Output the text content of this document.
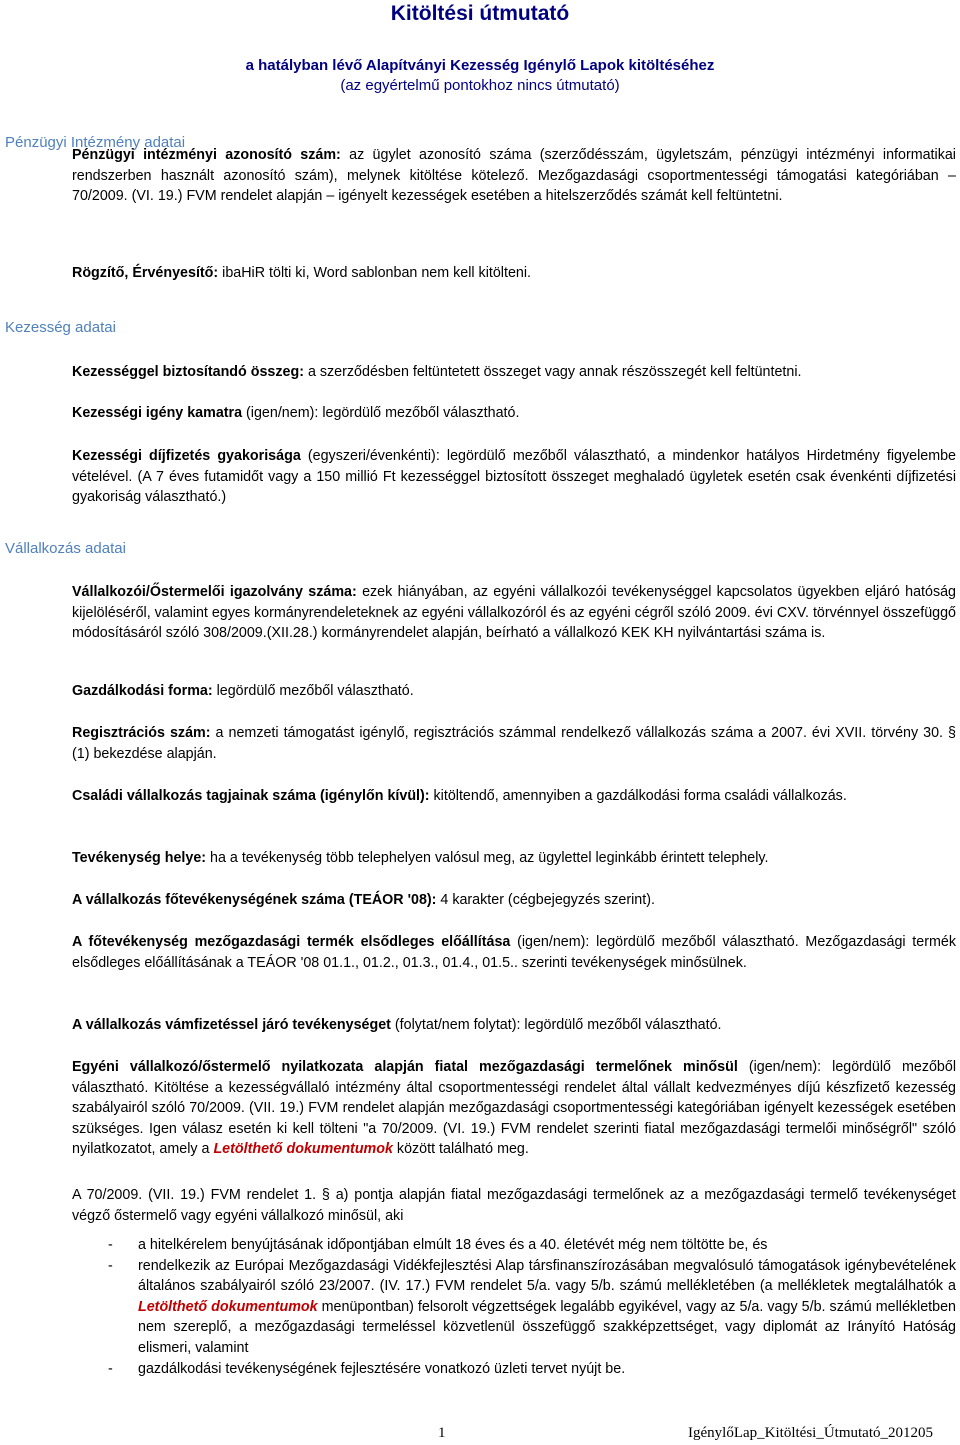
Kitöltési útmutató
a hatályban lévő Alapítványi Kezesség Igénylő Lapok kitöltéséhez
(az egyértelmű pontokhoz nincs útmutató)
Pénzügyi Intézmény adatai
Pénzügyi intézményi azonosító szám: az ügylet azonosító száma (szerződésszám, ügyletszám, pénzügyi intézményi informatikai rendszerben használt azonosító szám), melynek kitöltése kötelező. Mezőgazdasági csoportmentességi támogatási kategóriában – 70/2009. (VI. 19.) FVM rendelet alapján – igényelt kezességek esetében a hitelszerződés számát kell feltüntetni.
Rögzítő, Érvényesítő: ibaHiR tölti ki, Word sablonban nem kell kitölteni.
Kezesség adatai
Kezességgel biztosítandó összeg: a szerződésben feltüntetett összeget vagy annak részösszegét kell feltüntetni.
Kezességi igény kamatra (igen/nem): legördülő mezőből választható.
Kezességi díjfizetés gyakorisága (egyszeri/évenkénti): legördülő mezőből választható, a mindenkor hatályos Hirdetmény figyelembe vételével. (A 7 éves futamidőt vagy a 150 millió Ft kezességgel biztosított összeget meghaladó ügyletek esetén csak évenkénti díjfizetési gyakoriság választható.)
Vállalkozás adatai
Vállalkozói/Őstermelői igazolvány száma: ezek hiányában, az egyéni vállalkozói tevékenységgel kapcsolatos ügyekben eljáró hatóság kijelöléséről, valamint egyes kormányrendeleteknek az egyéni vállalkozóról és az egyéni cégről szóló 2009. évi CXV. törvénnyel összefüggő módosításáról szóló 308/2009.(XII.28.) kormányrendelet alapján, beírható a vállalkozó KEK KH nyilvántartási száma is.
Gazdálkodási forma: legördülő mezőből választható.
Regisztrációs szám: a nemzeti támogatást igénylő, regisztrációs számmal rendelkező vállalkozás száma a 2007. évi XVII. törvény 30. § (1) bekezdése alapján.
Családi vállalkozás tagjainak száma (igénylőn kívül): kitöltendő, amennyiben a gazdálkodási forma családi vállalkozás.
Tevékenység helye: ha a tevékenység több telephelyen valósul meg, az ügylettel leginkább érintett telephely.
A vállalkozás főtevékenységének száma (TEÁOR '08): 4 karakter (cégbejegyzés szerint).
A főtevékenység mezőgazdasági termék elsődleges előállítása (igen/nem): legördülő mezőből választható. Mezőgazdasági termék elsődleges előállításának a TEÁOR '08 01.1., 01.2., 01.3., 01.4., 01.5.. szerinti tevékenységek minősülnek.
A vállalkozás vámfizetéssel járó tevékenységet (folytat/nem folytat): legördülő mezőből választható.
Egyéni vállalkozó/őstermelő nyilatkozata alapján fiatal mezőgazdasági termelőnek minősül (igen/nem): legördülő mezőből választható. Kitöltése a kezességvállaló intézmény által csoportmentességi rendelet által vállalt kedvezményes díjú készfizető kezesség szabályairól szóló 70/2009. (VII. 19.) FVM rendelet alapján mezőgazdasági csoportmentességi kategóriában igényelt kezességek esetében szükséges. Igen válasz esetén ki kell tölteni "a 70/2009. (VI. 19.) FVM rendelet szerinti fiatal mezőgazdasági termelői minőségről" szóló nyilatkozatot, amely a Letölthető dokumentumok között található meg.
A 70/2009. (VII. 19.) FVM rendelet 1. § a) pontja alapján fiatal mezőgazdasági termelőnek az a mezőgazdasági termelő tevékenységet végző őstermelő vagy egyéni vállalkozó minősül, aki
- a hitelkérelem benyújtásának időpontjában elmúlt 18 éves és a 40. életévét még nem töltötte be, és
- rendelkezik az Európai Mezőgazdasági Vidékfejlesztési Alap társfinanszírozásában megvalósuló támogatások igénybevételének általános szabályairól szóló 23/2007. (IV. 17.) FVM rendelet 5/a. vagy 5/b. számú mellékletében (a mellékletek megtalálhatók a Letölthető dokumentumok menüpontban) felsorolt végzettségek legalább egyikével, vagy az 5/a. vagy 5/b. számú mellékletben nem szereplő, a mezőgazdasági termeléssel közvetlenül összefüggő szakképzettséget, vagy diplomát az Irányító Hatóság elismeri, valamint
- gazdálkodási tevékenységének fejlesztésére vonatkozó üzleti tervet nyújt be.
1	IgénylőLap_Kitöltési_Útmutató_201205
